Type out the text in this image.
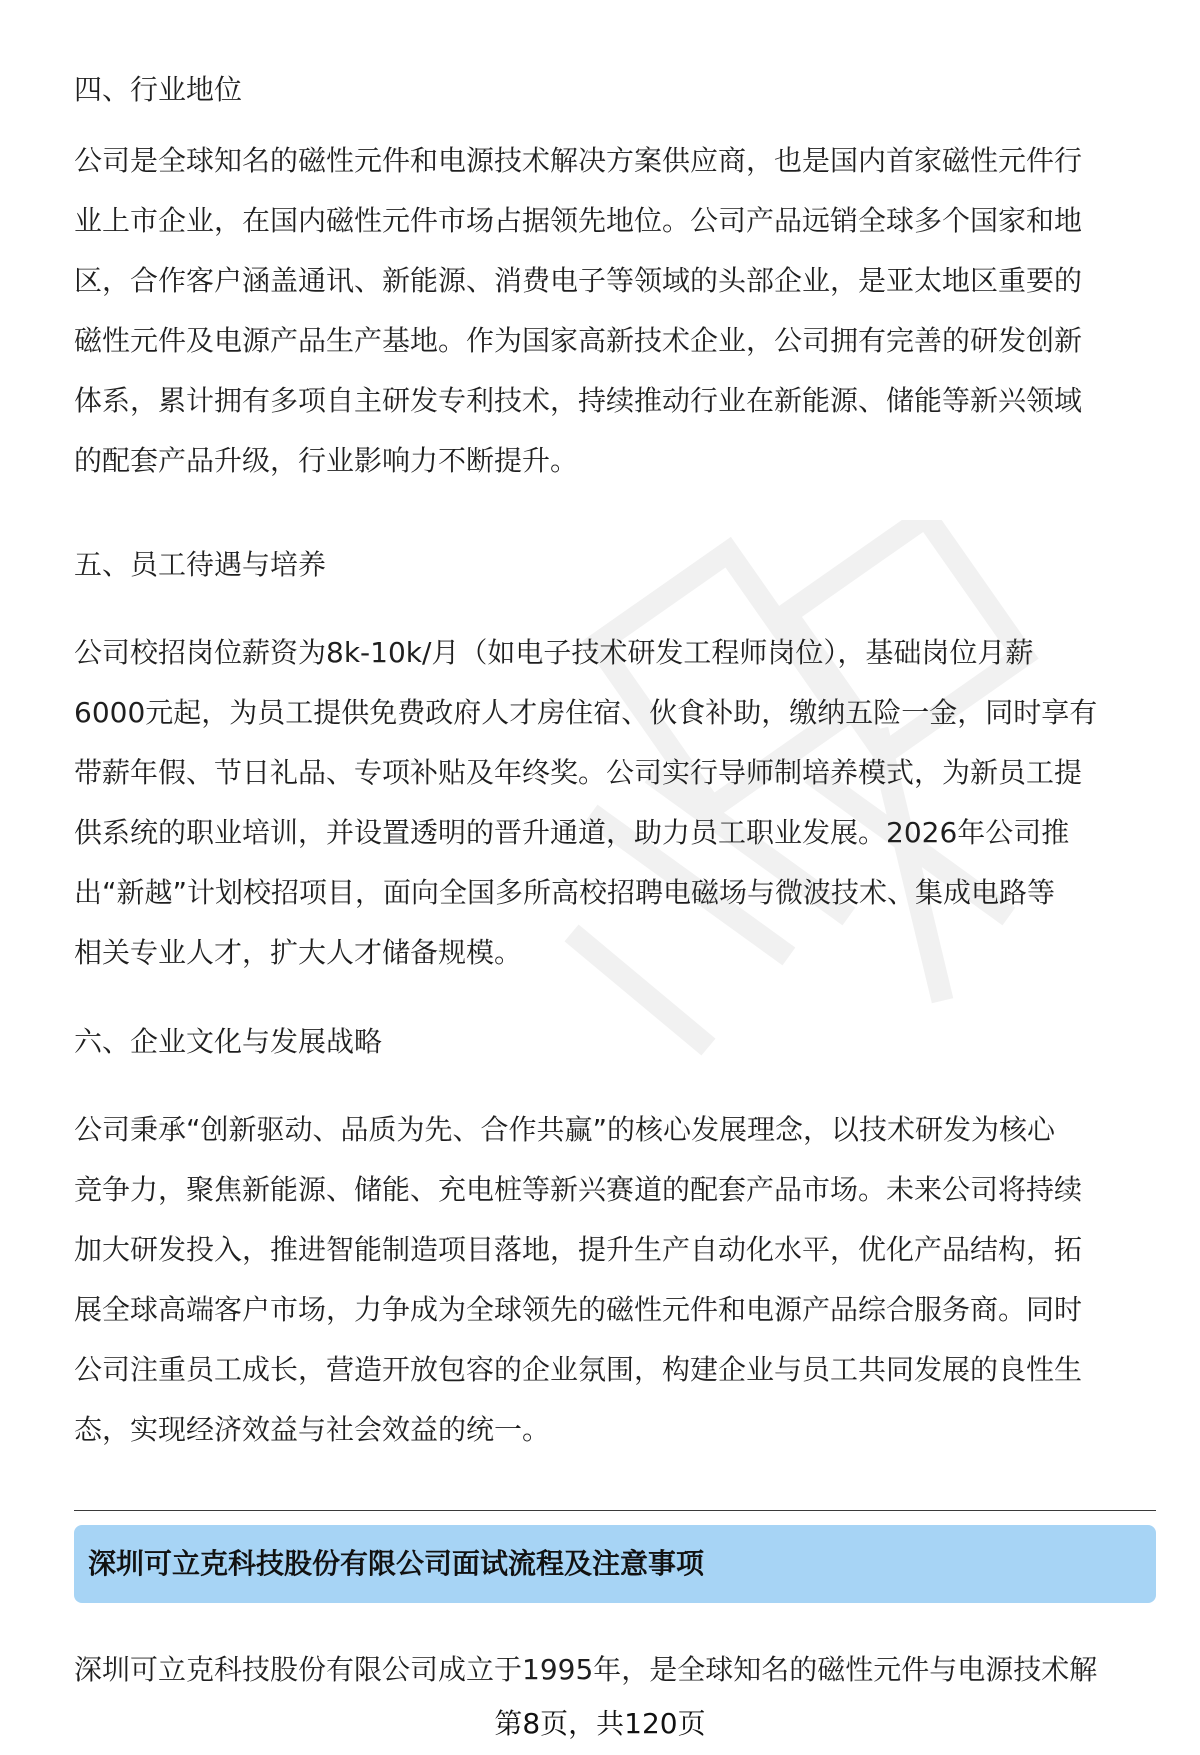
四、行业地位
公司是全球知名的磁性元件和电源技术解决方案供应商，也是国内首家磁性元件行
业上市企业，在国内磁性元件市场占据领先地位。公司产品远销全球多个国家和地
区，合作客户涵盖通讯、新能源、消费电子等领域的头部企业，是亚太地区重要的
磁性元件及电源产品生产基地。作为国家高新技术企业，公司拥有完善的研发创新
体系，累计拥有多项自主研发专利技术，持续推动行业在新能源、储能等新兴领域
的配套产品升级，行业影响力不断提升。
五、员工待遇与培养
公司校招岗位薪资为8k-10k/月（如电子技术研发工程师岗位），基础岗位月薪
6000元起，为员工提供免费政府人才房住宿、伙食补助，缴纳五险一金，同时享有
带薪年假、节日礼品、专项补贴及年终奖。公司实行导师制培养模式，为新员工提
供系统的职业培训，并设置透明的晋升通道，助力员工职业发展。2026年公司推
出“新越”计划校招项目，面向全国多所高校招聘电磁场与微波技术、集成电路等
相关专业人才，扩大人才储备规模。
六、企业文化与发展战略
公司秉承“创新驱动、品质为先、合作共赢”的核心发展理念，以技术研发为核心
竞争力，聚焦新能源、储能、充电桩等新兴赛道的配套产品市场。未来公司将持续
加大研发投入，推进智能制造项目落地，提升生产自动化水平，优化产品结构，拓
展全球高端客户市场，力争成为全球领先的磁性元件和电源产品综合服务商。同时
公司注重员工成长，营造开放包容的企业氛围，构建企业与员工共同发展的良性生
态，实现经济效益与社会效益的统一。
深圳可立克科技股份有限公司面试流程及注意事项
深圳可立克科技股份有限公司成立于1995年，是全球知名的磁性元件与电源技术解
第8页，共120页
